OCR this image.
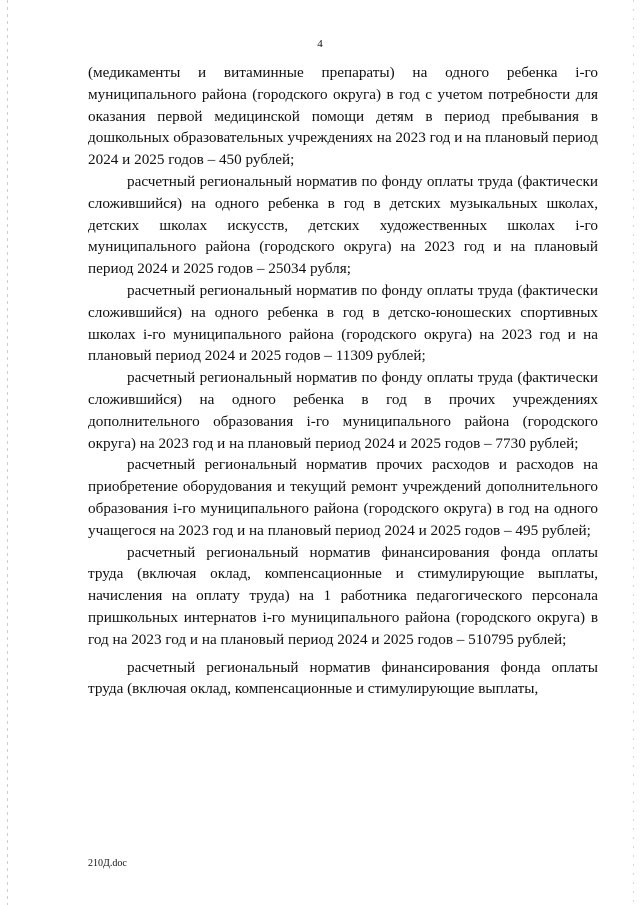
4

(медикаменты и витаминные препараты) на одного ребенка i-го муниципального района (городского округа) в год с учетом потребности для оказания первой медицинской помощи детям в период пребывания в дошкольных образовательных учреждениях на 2023 год и на плановый период 2024 и 2025 годов – 450 рублей;

расчетный региональный норматив по фонду оплаты труда (фактически сложившийся) на одного ребенка в год в детских музыкальных школах, детских школах искусств, детских художественных школах i-го муниципального района (городского округа) на 2023 год и на плановый период 2024 и 2025 годов – 25034 рубля;

расчетный региональный норматив по фонду оплаты труда (фактически сложившийся) на одного ребенка в год в детско-юношеских спортивных школах i-го муниципального района (городского округа) на 2023 год и на плановый период 2024 и 2025 годов – 11309 рублей;

расчетный региональный норматив по фонду оплаты труда (фактически сложившийся) на одного ребенка в год в прочих учреждениях дополнительного образования i-го муниципального района (городского округа) на 2023 год и на плановый период 2024 и 2025 годов – 7730 рублей;

расчетный региональный норматив прочих расходов и расходов на приобретение оборудования и текущий ремонт учреждений дополнительного образования i-го муниципального района (городского округа) в год на одного учащегося на 2023 год и на плановый период 2024 и 2025 годов – 495 рублей;

расчетный региональный норматив финансирования фонда оплаты труда (включая оклад, компенсационные и стимулирующие выплаты, начисления на оплату труда) на 1 работника педагогического персонала пришкольных интернатов i-го муниципального района (городского округа) в год на 2023 год и на плановый период 2024 и 2025 годов – 510795 рублей;

расчетный региональный норматив финансирования фонда оплаты труда (включая оклад, компенсационные и стимулирующие выплаты,

210Д.doc
